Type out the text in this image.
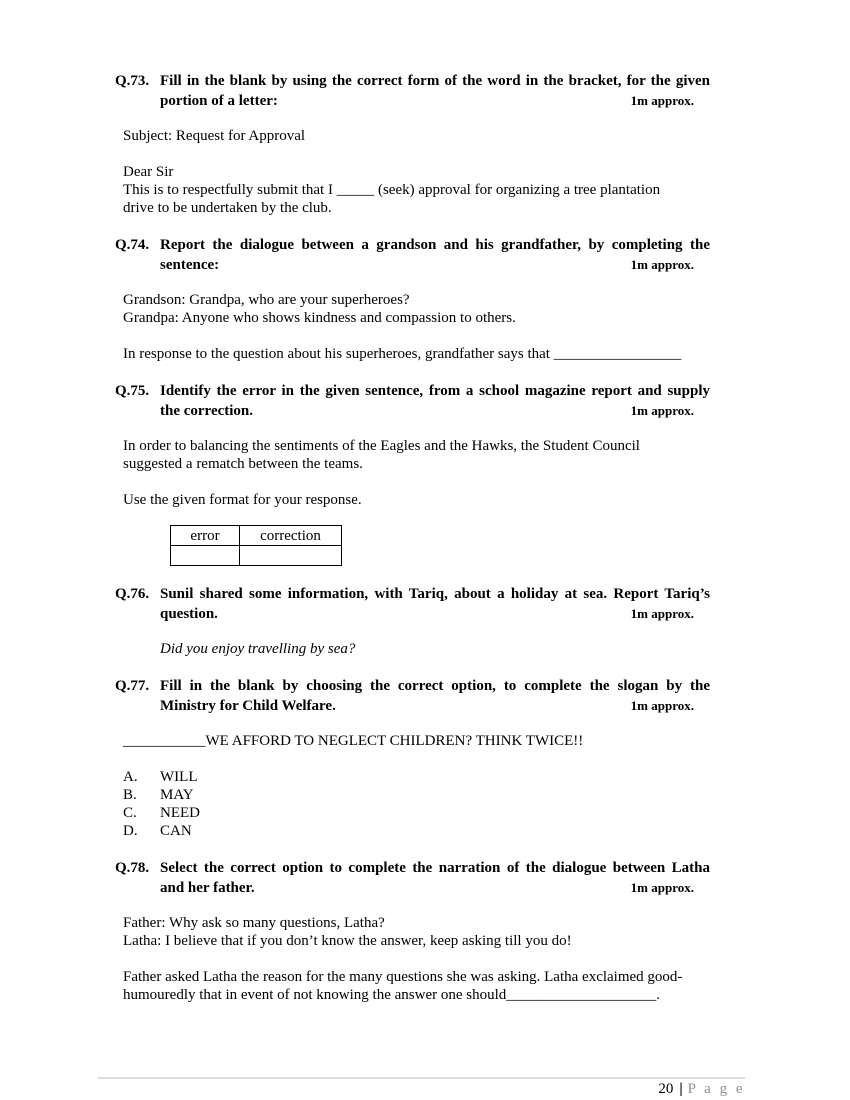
Q.73. Fill in the blank by using the correct form of the word in the bracket, for the given
portion of a letter:	1m approx.
Subject: Request for Approval
Dear Sir
This is to respectfully submit that I _____ (seek) approval for organizing a tree plantation
drive to be undertaken by the club.
Q.74. Report the dialogue between a grandson and his grandfather, by completing the
sentence:	1m approx.
Grandson: Grandpa, who are your superheroes?
Grandpa: Anyone who shows kindness and compassion to others.
In response to the question about his superheroes, grandfather says that _________________
Q.75. Identify the error in the given sentence, from a school magazine report and supply
the correction.	1m approx.
In order to balancing the sentiments of the Eagles and the Hawks, the Student Council
suggested a rematch between the teams.
Use the given format for your response.
error	correction

Q.76. Sunil shared some information, with Tariq, about a holiday at sea. Report Tariq’s
question.	1m approx.
Did you enjoy travelling by sea?
Q.77. Fill in the blank by choosing the correct option, to complete the slogan by the
Ministry for Child Welfare.	1m approx.
___________WE AFFORD TO NEGLECT CHILDREN? THINK TWICE!!
A.	WILL
B.	MAY
C.	NEED
D.	CAN
Q.78. Select the correct option to complete the narration of the dialogue between Latha
and her father.	1m approx.
Father: Why ask so many questions, Latha?
Latha: I believe that if you don’t know the answer, keep asking till you do!
Father asked Latha the reason for the many questions she was asking. Latha exclaimed good-
humouredly that in event of not knowing the answer one should____________________.
20 | P a g e
